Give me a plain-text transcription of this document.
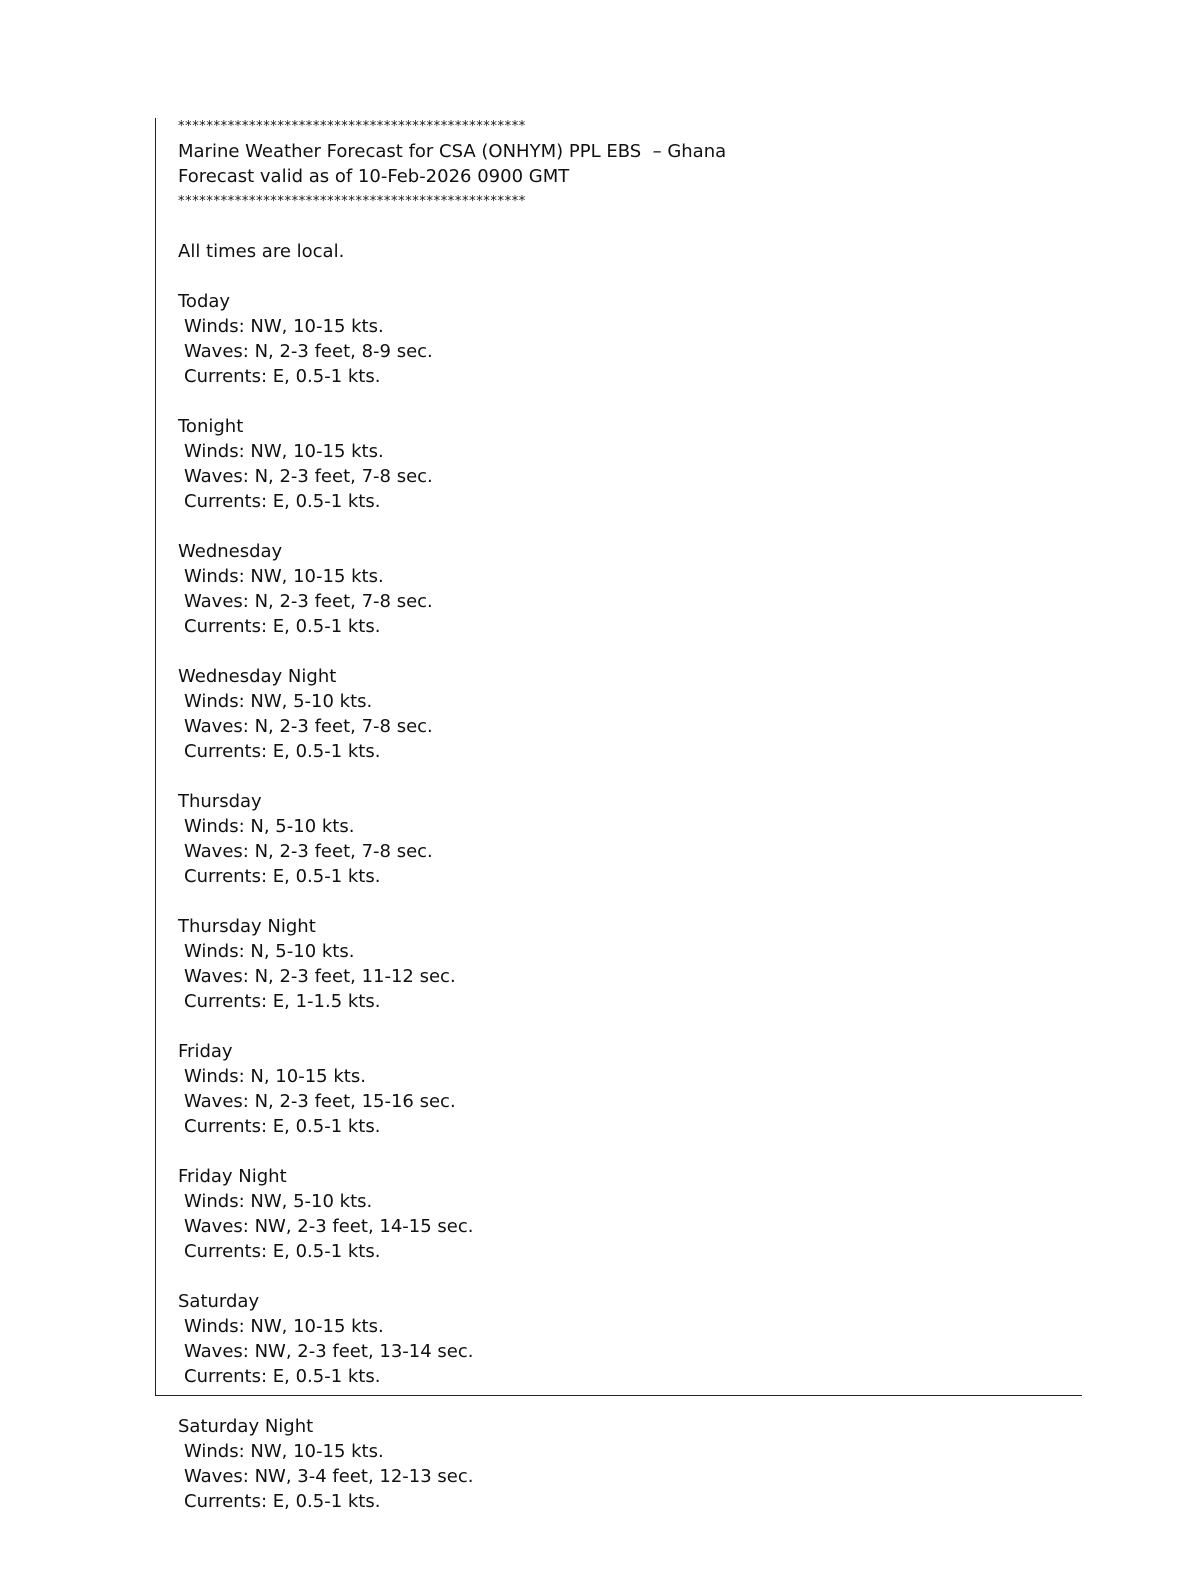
*************************************************
Marine Weather Forecast for CSA (ONHYM) PPL EBS  – Ghana
Forecast valid as of 10-Feb-2026 0900 GMT
*************************************************
All times are local.
Today
Winds: NW, 10-15 kts.
Waves: N, 2-3 feet, 8-9 sec.
Currents: E, 0.5-1 kts.
Tonight
Winds: NW, 10-15 kts.
Waves: N, 2-3 feet, 7-8 sec.
Currents: E, 0.5-1 kts.
Wednesday
Winds: NW, 10-15 kts.
Waves: N, 2-3 feet, 7-8 sec.
Currents: E, 0.5-1 kts.
Wednesday Night
Winds: NW, 5-10 kts.
Waves: N, 2-3 feet, 7-8 sec.
Currents: E, 0.5-1 kts.
Thursday
Winds: N, 5-10 kts.
Waves: N, 2-3 feet, 7-8 sec.
Currents: E, 0.5-1 kts.
Thursday Night
Winds: N, 5-10 kts.
Waves: N, 2-3 feet, 11-12 sec.
Currents: E, 1-1.5 kts.
Friday
Winds: N, 10-15 kts.
Waves: N, 2-3 feet, 15-16 sec.
Currents: E, 0.5-1 kts.
Friday Night
Winds: NW, 5-10 kts.
Waves: NW, 2-3 feet, 14-15 sec.
Currents: E, 0.5-1 kts.
Saturday
Winds: NW, 10-15 kts.
Waves: NW, 2-3 feet, 13-14 sec.
Currents: E, 0.5-1 kts.
Saturday Night
Winds: NW, 10-15 kts.
Waves: NW, 3-4 feet, 12-13 sec.
Currents: E, 0.5-1 kts.
